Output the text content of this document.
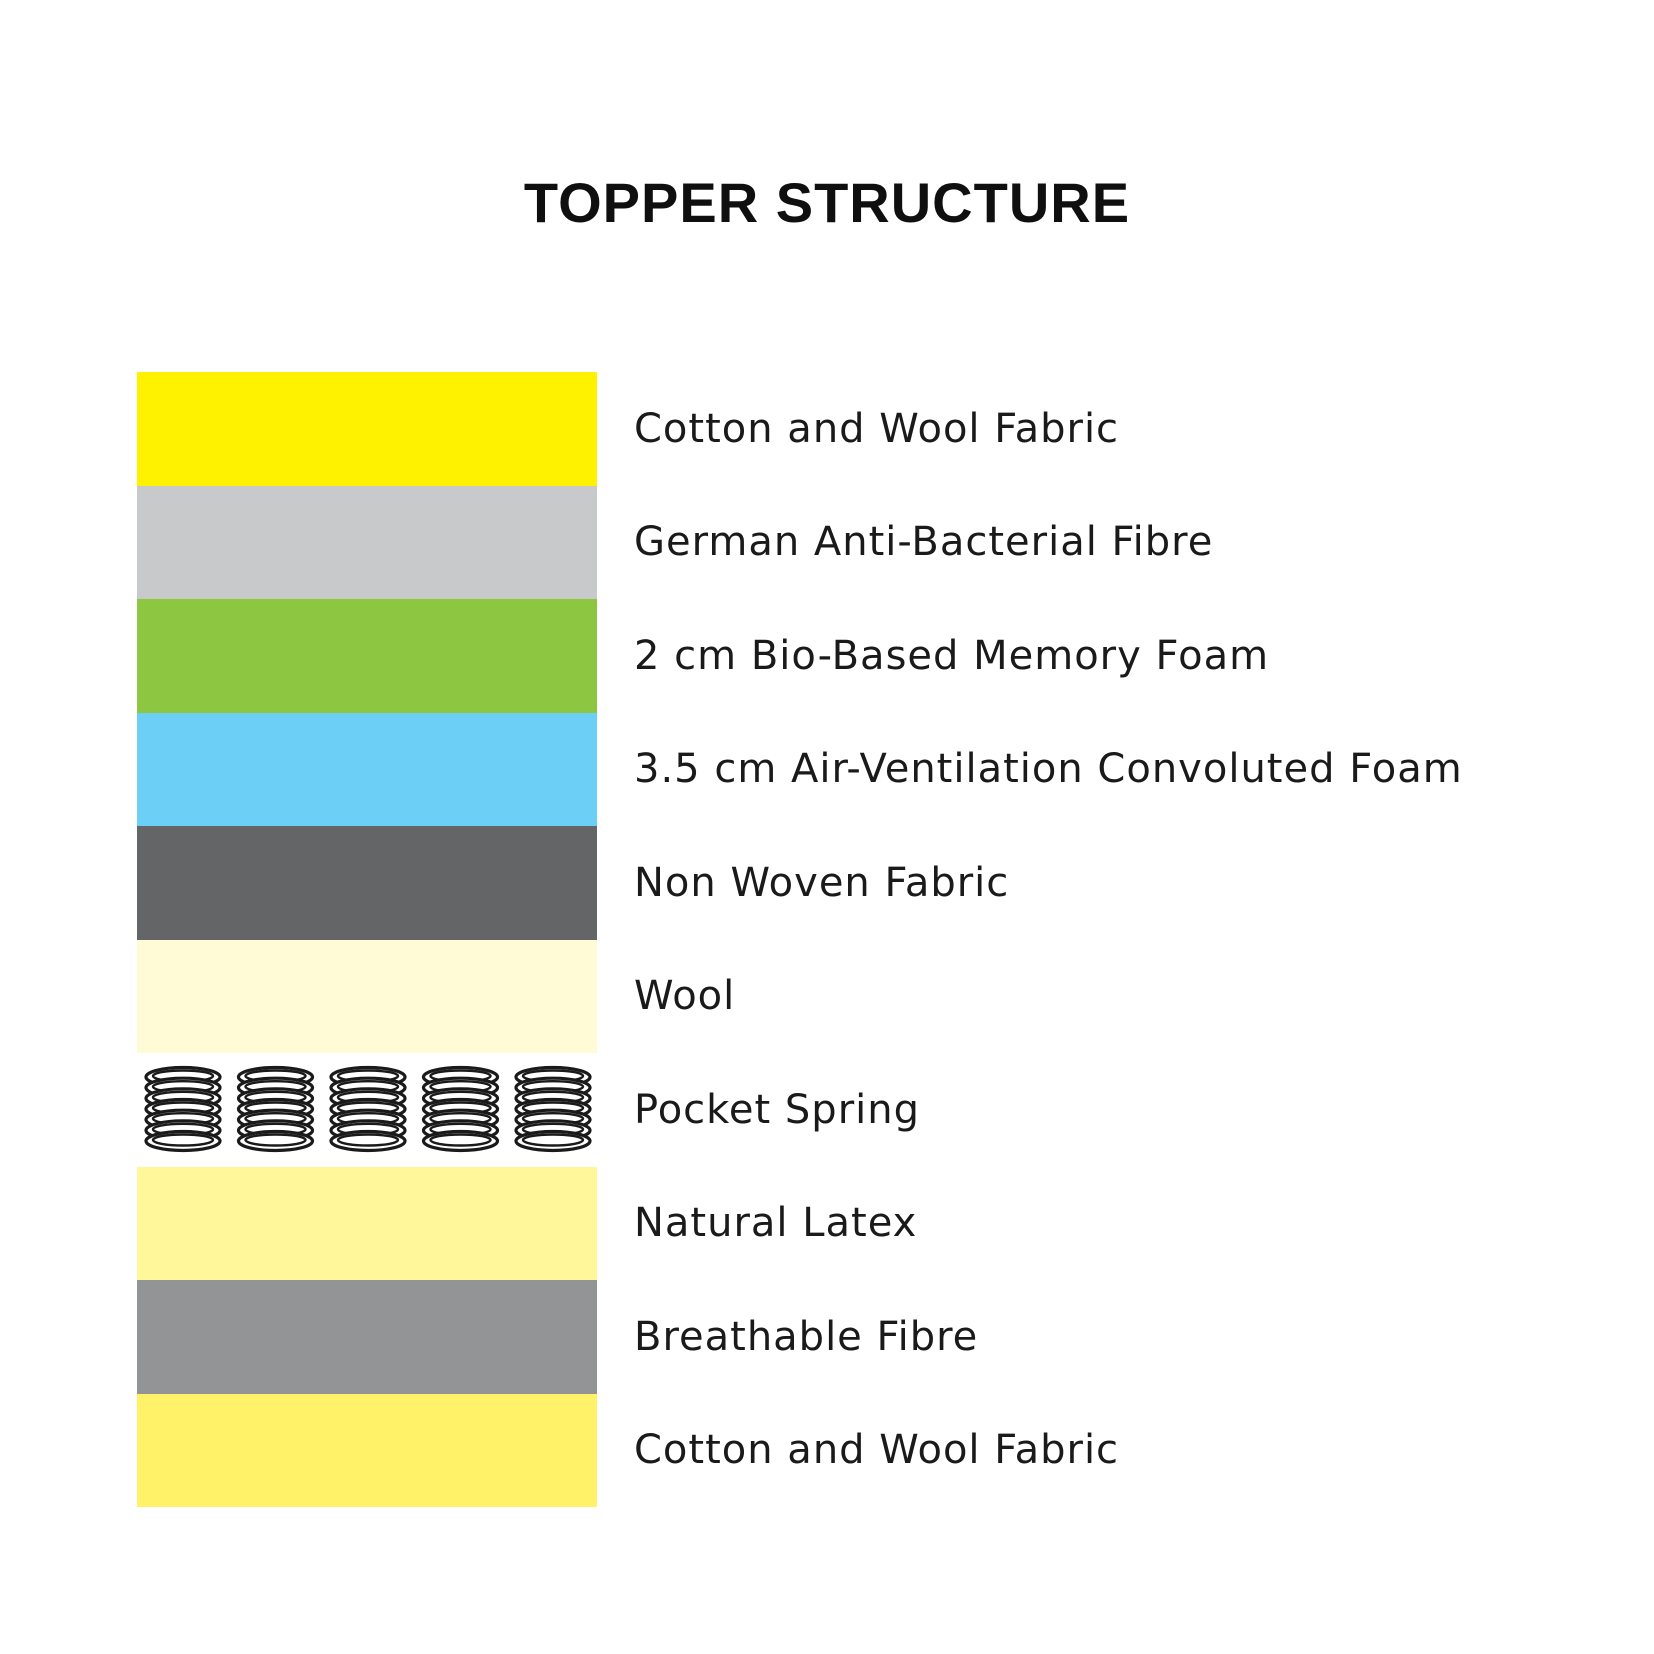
TOPPER STRUCTURE
Cotton and Wool Fabric
German Anti-Bacterial Fibre
2 cm Bio-Based Memory Foam
3.5 cm Air-Ventilation Convoluted Foam
Non Woven Fabric
Wool
Pocket Spring
Natural Latex
Breathable Fibre
Cotton and Wool Fabric
